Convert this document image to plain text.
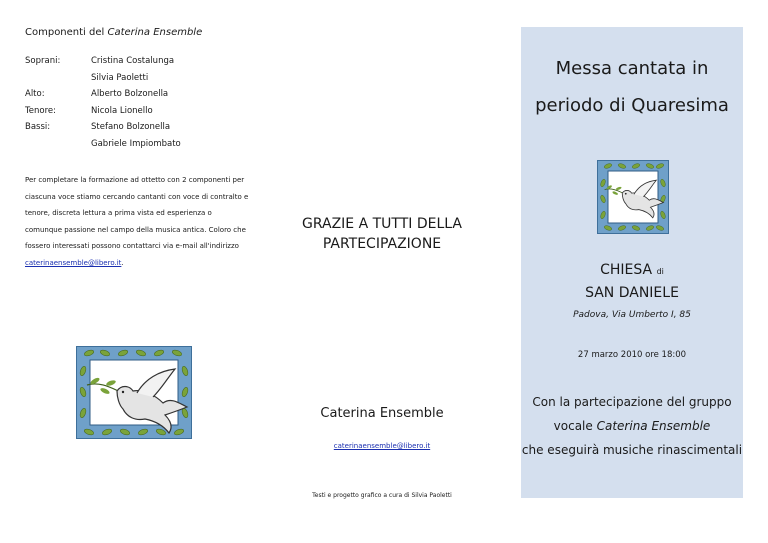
Componenti del Caterina Ensemble
Soprani:	Cristina Costalunga
Silvia Paoletti
Alto:	Alberto Bolzonella
Tenore:	Nicola Lionello
Bassi:	Stefano Bolzonella
Gabriele Impiombato
Per completare la formazione ad ottetto con 2 componenti per ciascuna voce stiamo cercando cantanti con voce di contralto e tenore, discreta lettura a prima vista ed esperienza o comunque passione nel campo della musica antica. Coloro che fossero interessati possono contattarci via e-mail all'indirizzo caterinaensemble@libero.it.
GRAZIE A TUTTI DELLA
PARTECIPAZIONE
Caterina Ensemble
caterinaensemble@libero.it
Testi e progetto grafico a cura di Silvia Paoletti
Messa cantata in
periodo di Quaresima
CHIESA di
SAN DANIELE
Padova, Via Umberto I, 85
27 marzo 2010 ore 18:00
Con la partecipazione del gruppo
vocale Caterina Ensemble
che eseguirà musiche rinascimentali
